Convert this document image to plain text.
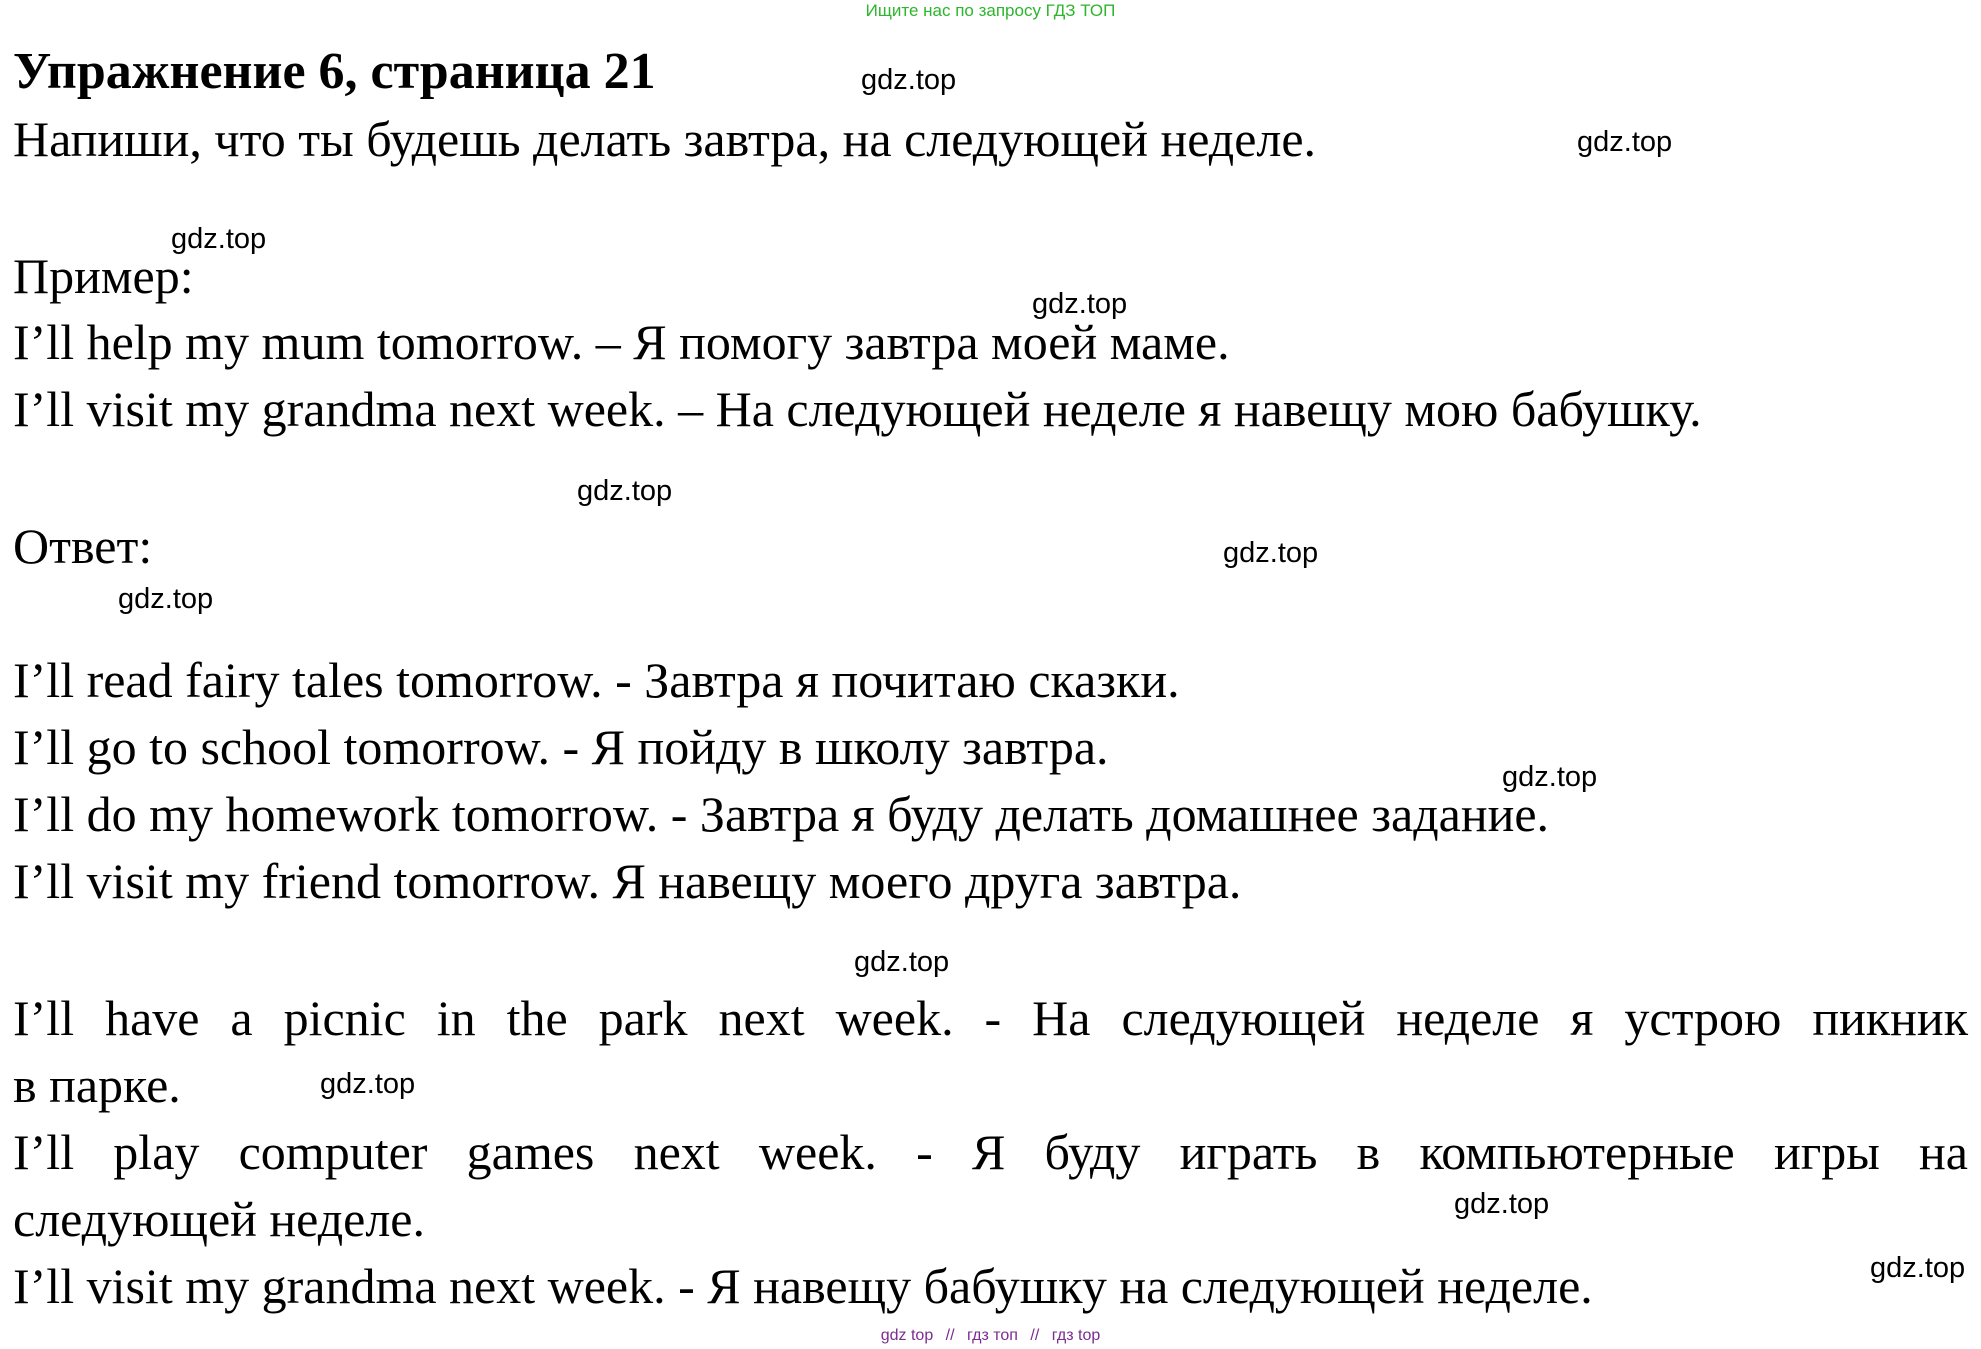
Ищите нас по запросу ГДЗ ТОП
Упражнение 6, страница 21
Напиши, что ты будешь делать завтра, на следующей неделе.
Пример:
I’ll help my mum tomorrow. – Я помогу завтра моей маме.
I’ll visit my grandma next week. – На следующей неделе я навещу мою бабушку.
Ответ:
I’ll read fairy tales tomorrow. - Завтра я почитаю сказки.
I’ll go to school tomorrow. - Я пойду в школу завтра.
I’ll do my homework tomorrow. - Завтра я буду делать домашнее задание.
I’ll visit my friend tomorrow. Я навещу моего друга завтра.
I’ll have a picnic in the park next week. - На следующей неделе я устрою пикник
в парке.
I’ll play computer games next week. - Я буду играть в компьютерные игры на
следующей неделе.
I’ll visit my grandma next week. - Я навещу бабушку на следующей неделе.
gdz.top
gdz.top
gdz.top
gdz.top
gdz.top
gdz.top
gdz.top
gdz.top
gdz.top
gdz.top
gdz.top
gdz.top
gdz top // гдз топ // гдз top
